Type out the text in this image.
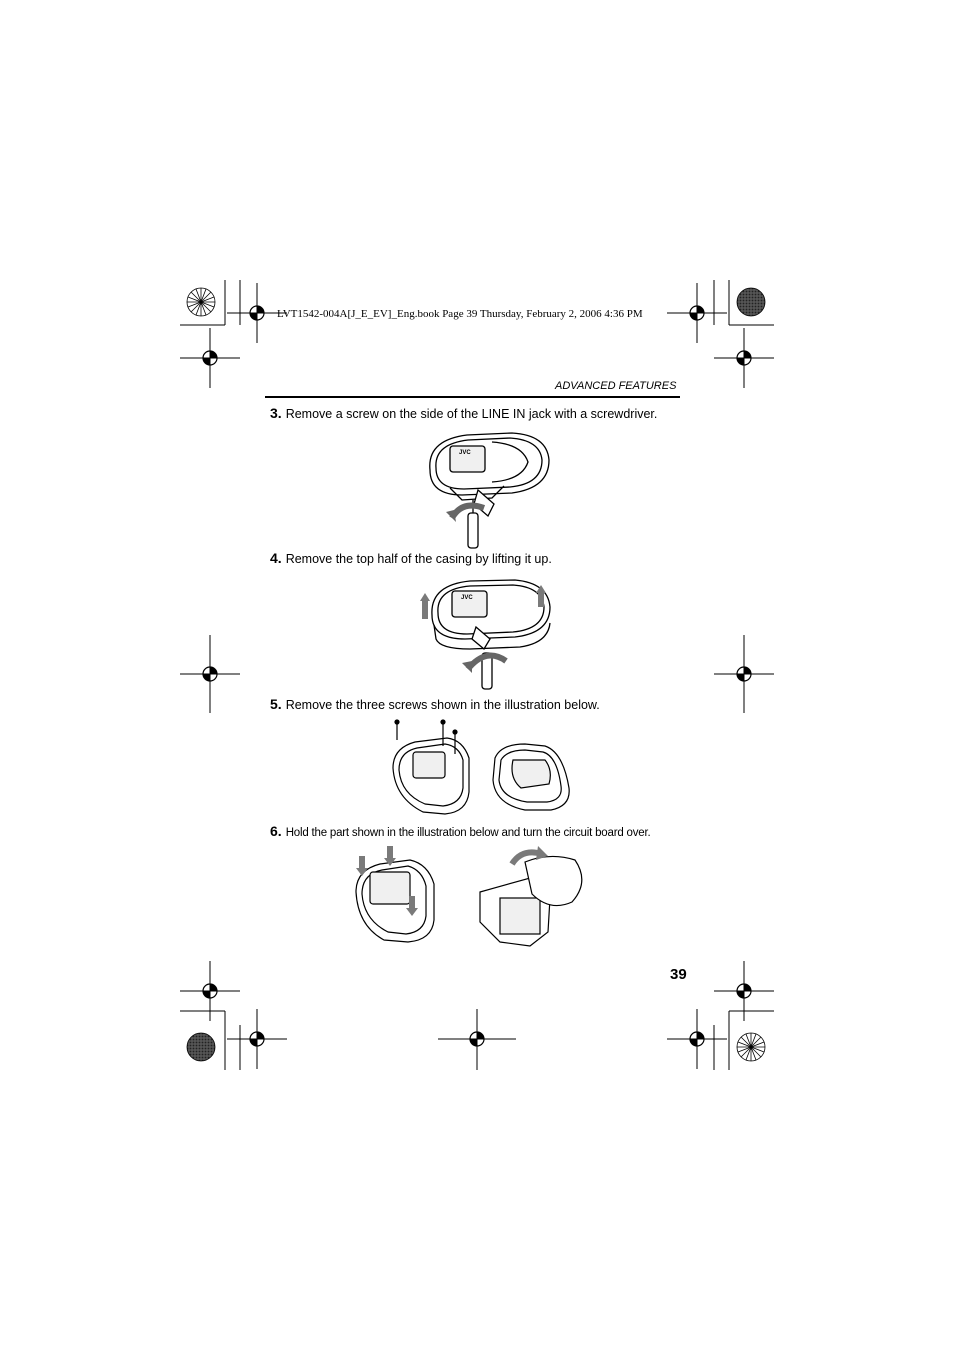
LVT1542-004A[J_E_EV]_Eng.book Page 39 Thursday, February 2, 2006 4:36 PM
ADVANCED FEATURES
3. Remove a screw on the side of the LINE IN jack with a screwdriver.
JVC
4. Remove the top half of the casing by lifting it up.
JVC
5. Remove the three screws shown in the illustration below.
6. Hold the part shown in the illustration below and turn the circuit board over.
39
